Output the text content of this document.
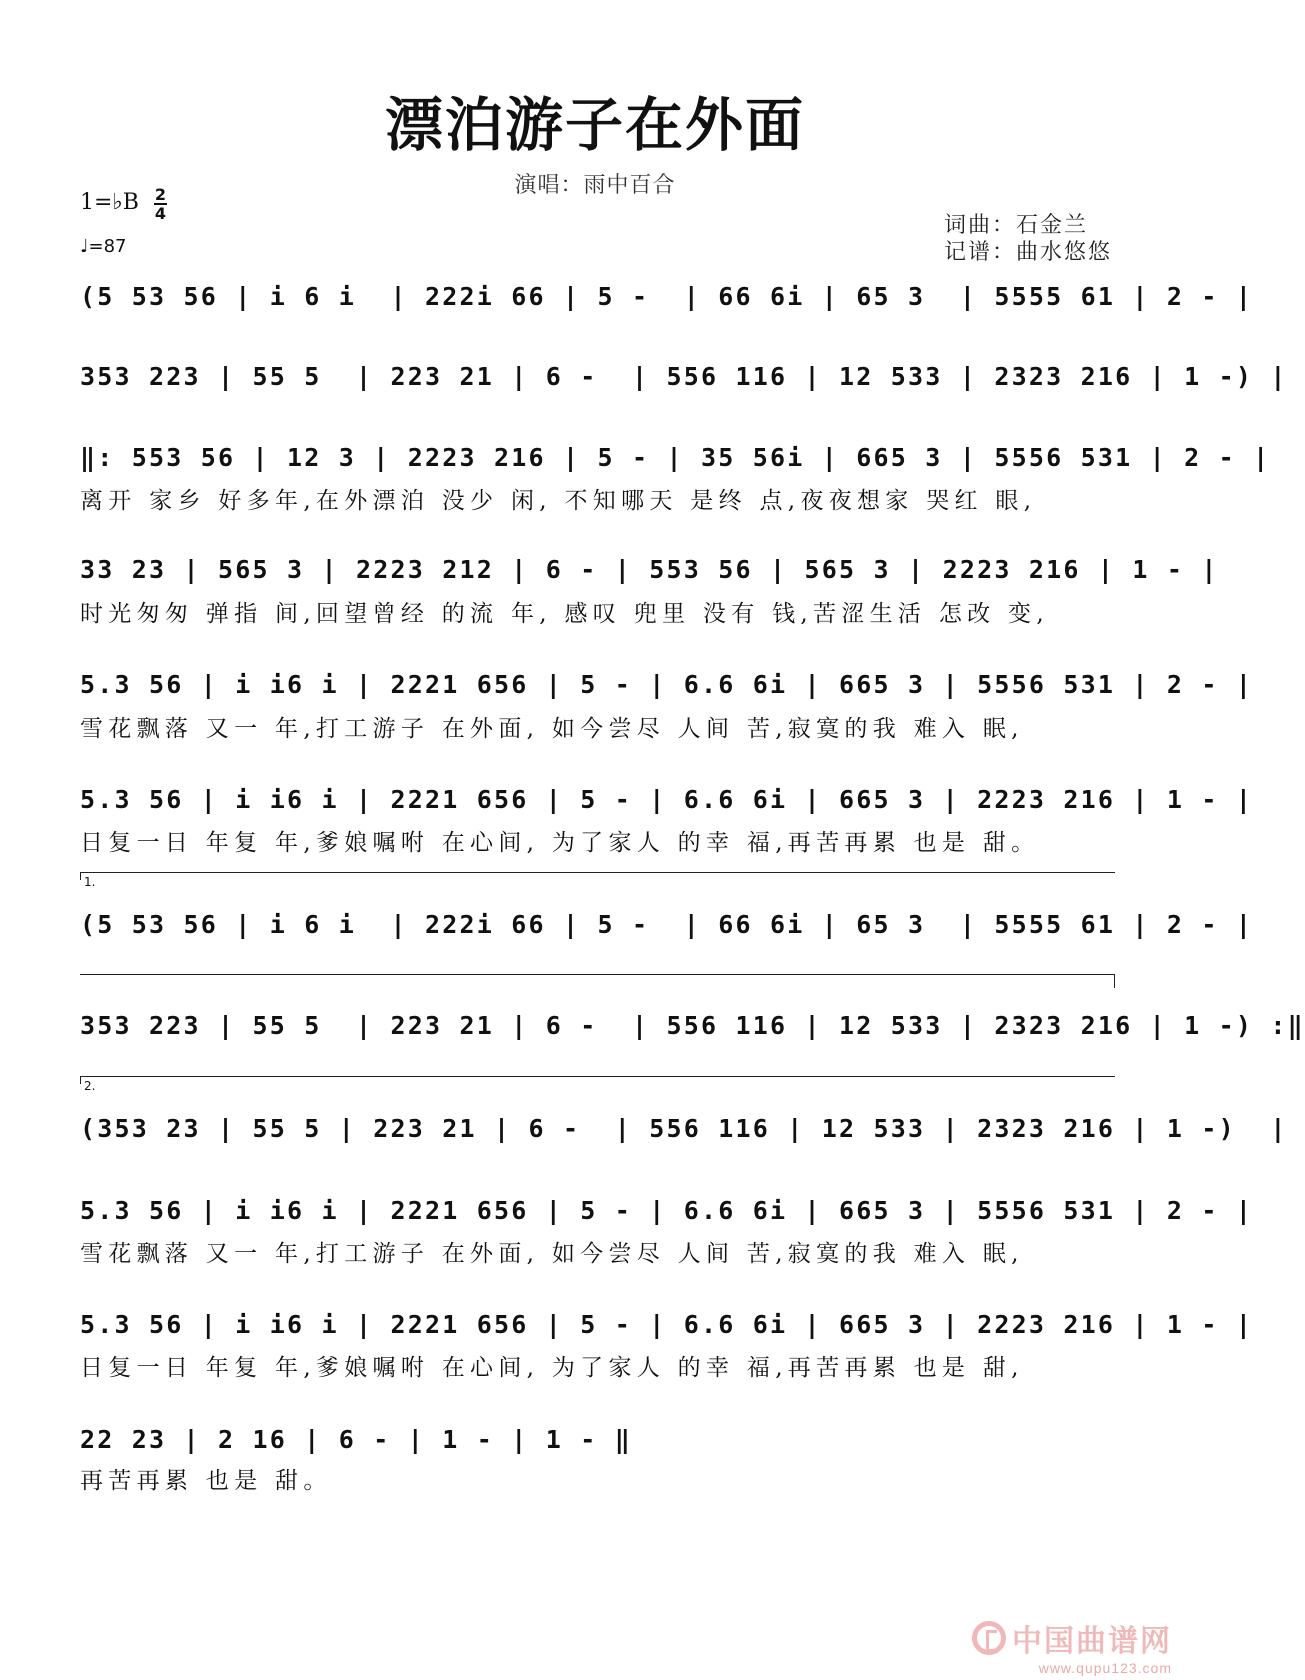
漂泊游子在外面
演唱：雨中百合
词曲：石金兰
记谱：曲水悠悠
1=♭B 2
4
♩=87
(5 53 56 | i 6 i  | 222i 66 | 5 -  | 66 6i | 65 3  | 5555 61 | 2 - |
353 223 | 55 5  | 223 21 | 6 -  | 556 116 | 12 533 | 2323 216 | 1 -) |
‖: 553 56 | 12 3 | 2223 216 | 5 - | 35 56i | 665 3 | 5556 531 | 2 - |
离开 家乡 好多年,在外漂泊 没少 闲, 不知哪天 是终 点,夜夜想家 哭红 眼,
33 23 | 565 3 | 2223 212 | 6 - | 553 56 | 565 3 | 2223 216 | 1 - |
时光匆匆 弹指 间,回望曾经 的流 年, 感叹 兜里 没有 钱,苦涩生活 怎改 变,
5.3 56 | i i6 i | 2221 656 | 5 - | 6.6 6i | 665 3 | 5556 531 | 2 - |
雪花飘落 又一 年,打工游子 在外面, 如今尝尽 人间 苦,寂寞的我 难入 眠,
5.3 56 | i i6 i | 2221 656 | 5 - | 6.6 6i | 665 3 | 2223 216 | 1 - |
日复一日 年复 年,爹娘嘱咐 在心间, 为了家人 的幸 福,再苦再累 也是 甜。
1.
(5 53 56 | i 6 i  | 222i 66 | 5 -  | 66 6i | 65 3  | 5555 61 | 2 - |
353 223 | 55 5  | 223 21 | 6 -  | 556 116 | 12 533 | 2323 216 | 1 -) :‖
2.
(353 23 | 55 5 | 223 21 | 6 -  | 556 116 | 12 533 | 2323 216 | 1 -)  |
5.3 56 | i i6 i | 2221 656 | 5 - | 6.6 6i | 665 3 | 5556 531 | 2 - |
雪花飘落 又一 年,打工游子 在外面, 如今尝尽 人间 苦,寂寞的我 难入 眠,
5.3 56 | i i6 i | 2221 656 | 5 - | 6.6 6i | 665 3 | 2223 216 | 1 - |
日复一日 年复 年,爹娘嘱咐 在心间, 为了家人 的幸 福,再苦再累 也是 甜,
22 23 | 2 16 | 6 - | 1 - | 1 - ‖
再苦再累 也是 甜。
中国曲谱网
www.qupu123.com
